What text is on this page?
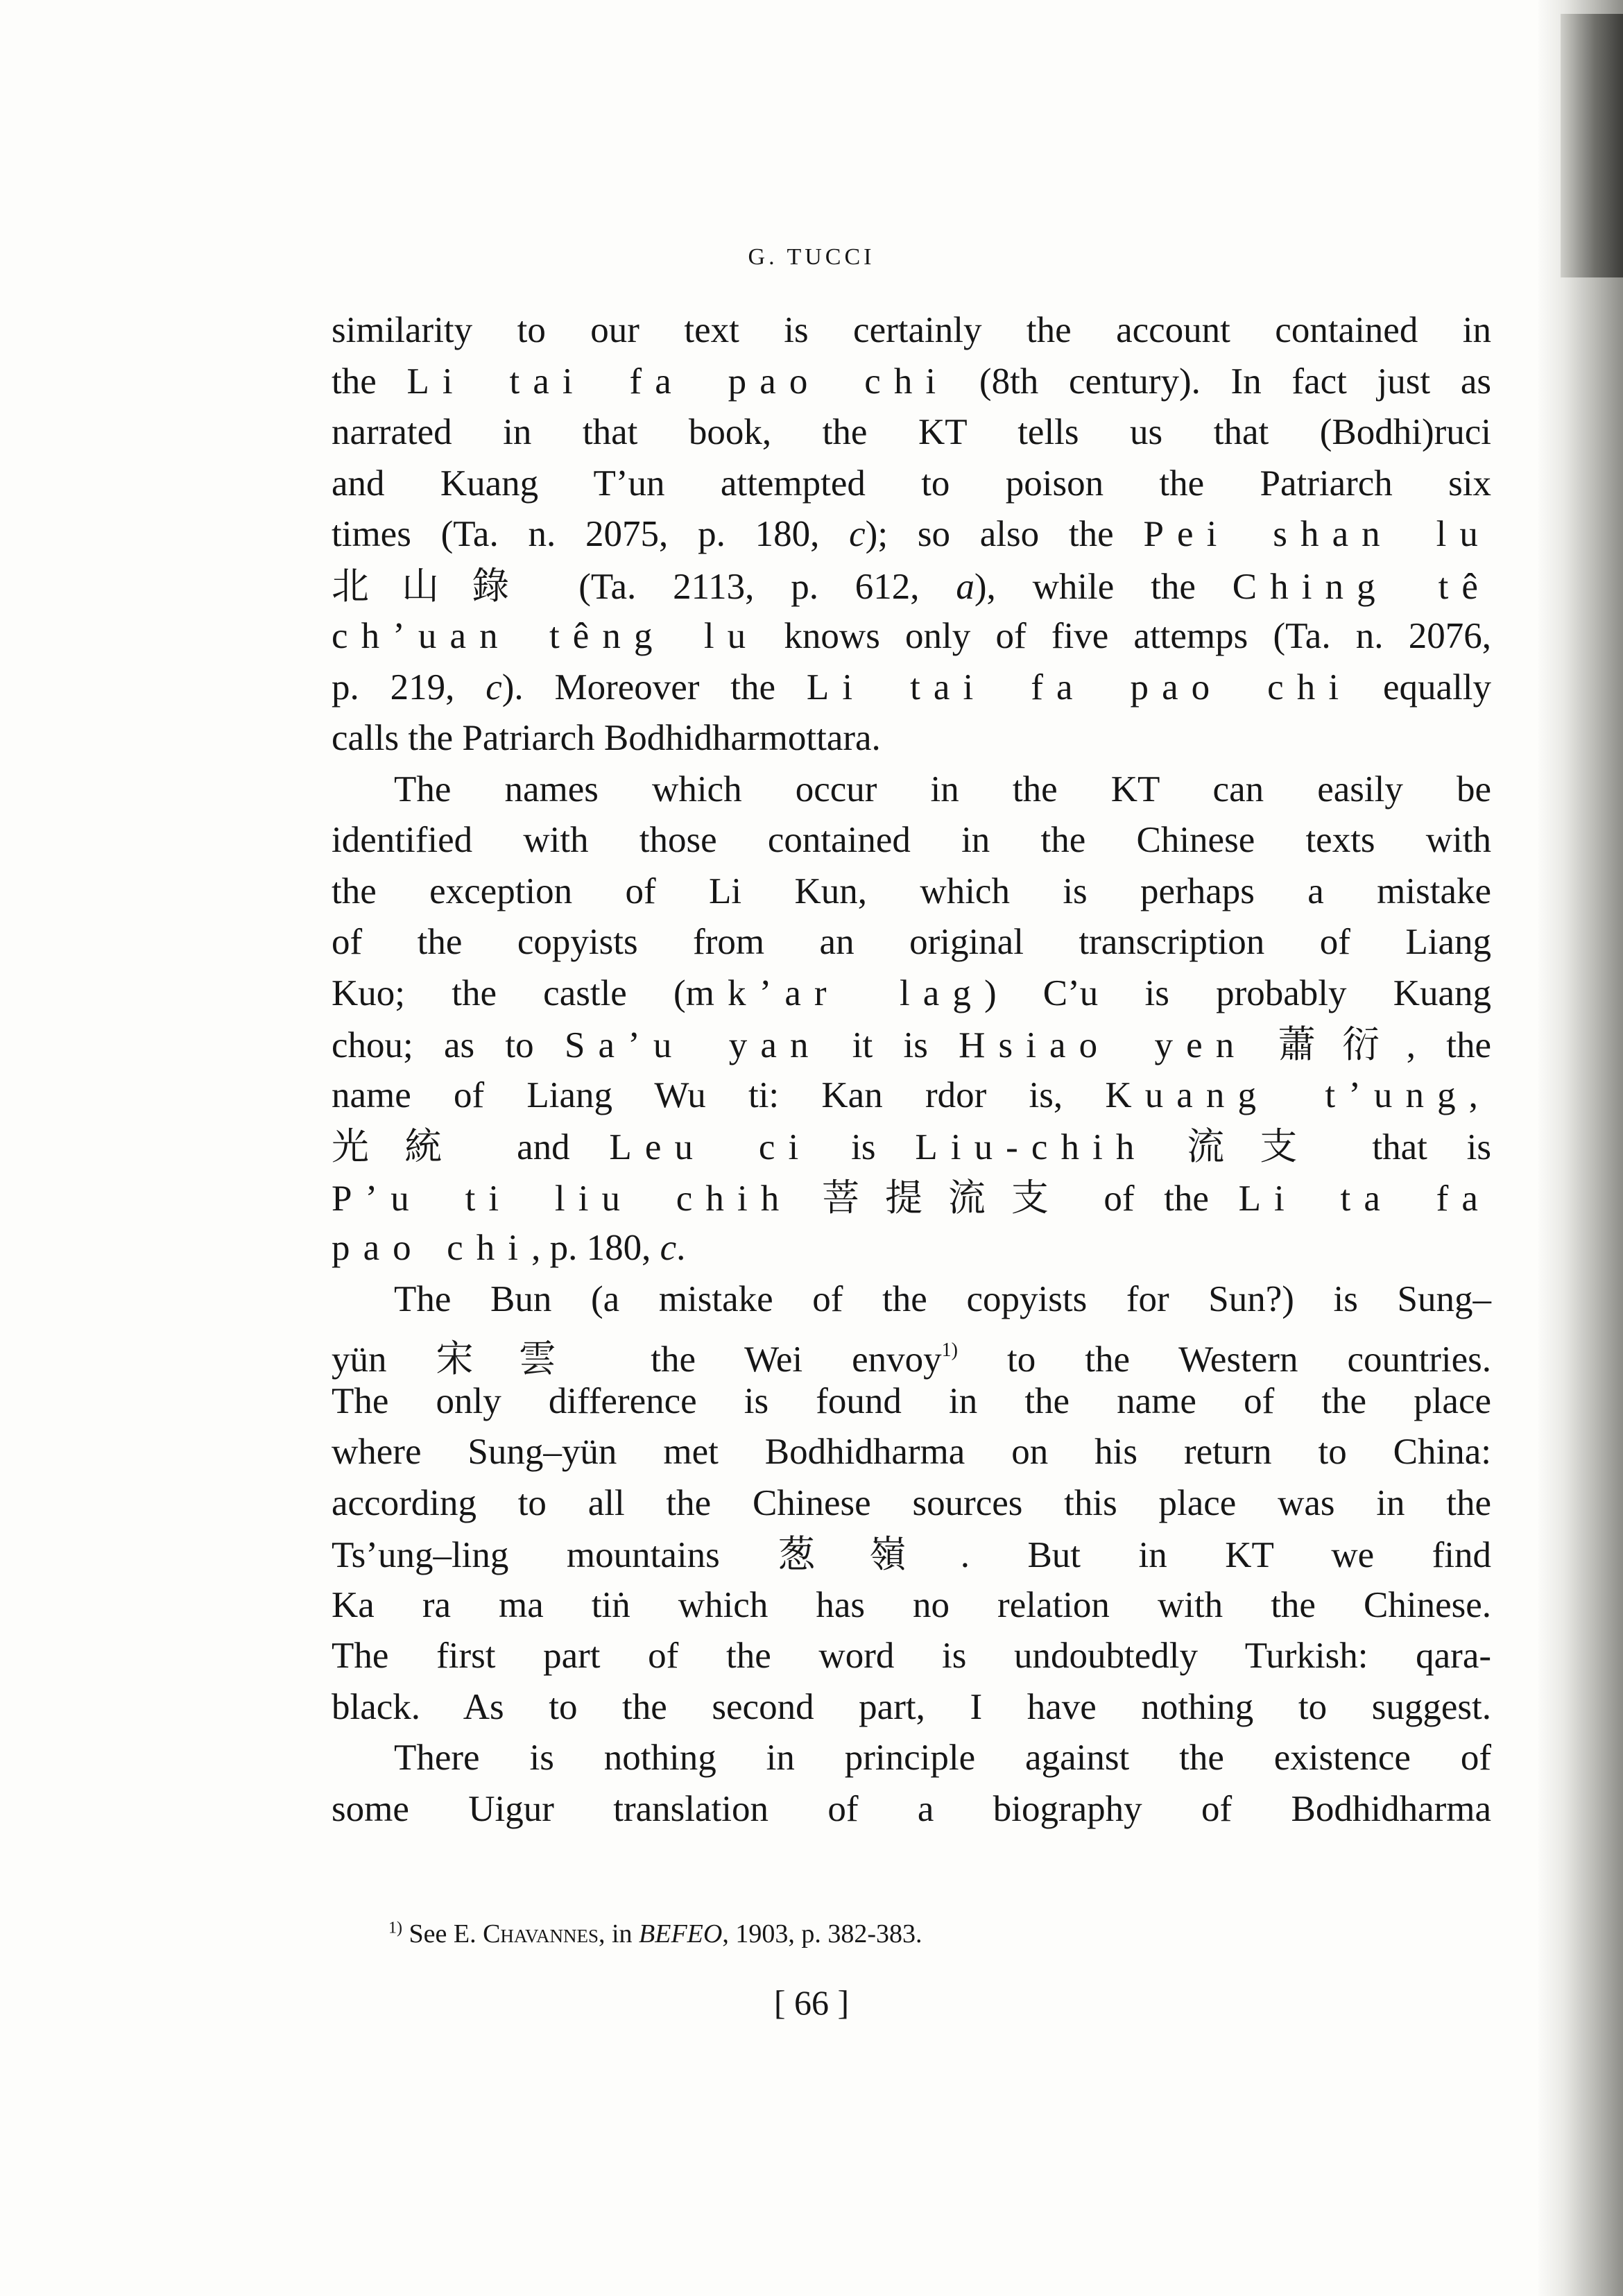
G. TUCCI
similarity to our text is certainly the account contained in
the Li tai fa pao chi (8th century). In fact just as
narrated in that book, the KT tells us that (Bodhi)ruci
and Kuang T’un attempted to poison the Patriarch six
times (Ta. n. 2075, p. 180, c); so also the Pei shan lu
北山錄 (Ta. 2113, p. 612, a), while the Ching tê
ch’uan têng lu knows only of five attemps (Ta. n. 2076,
p. 219, c). Moreover the Li tai fa pao chi equally
calls the Patriarch Bodhidharmottara.
The names which occur in the KT can easily be
identified with those contained in the Chinese texts with
the exception of Li Kun, which is perhaps a mistake
of the copyists from an original transcription of Liang
Kuo; the castle (mk’ar lag) C’u is probably Kuang
chou; as to Sa’u yan it is Hsiao yen 蕭衍, the
name of Liang Wu ti: Kan rdor is, Kuang t’ung,
光統 and Leu ci is Liu-chih 流支 that is
P’u ti liu chih 菩提流支 of the Li ta fa
pao chi, p. 180, c.
The Bun (a mistake of the copyists for Sun?) is Sung–
yün 宋雲 the Wei envoy$^{1)}$ to the Western countries.
The only difference is found in the name of the place
where Sung–yün met Bodhidharma on his return to China:
according to all the Chinese sources this place was in the
Ts’ung–ling mountains 葱嶺. But in KT we find
Ka ra ma tiṅ which has no relation with the Chinese.
The first part of the word is undoubtedly Turkish: qara-
black. As to the second part, I have nothing to suggest.
There is nothing in principle against the existence of
some Uigur translation of a biography of Bodhidharma
$^{1)}$ See E. Chavannes, in BEFEO, 1903, p. 382-383.
[ 66 ]
